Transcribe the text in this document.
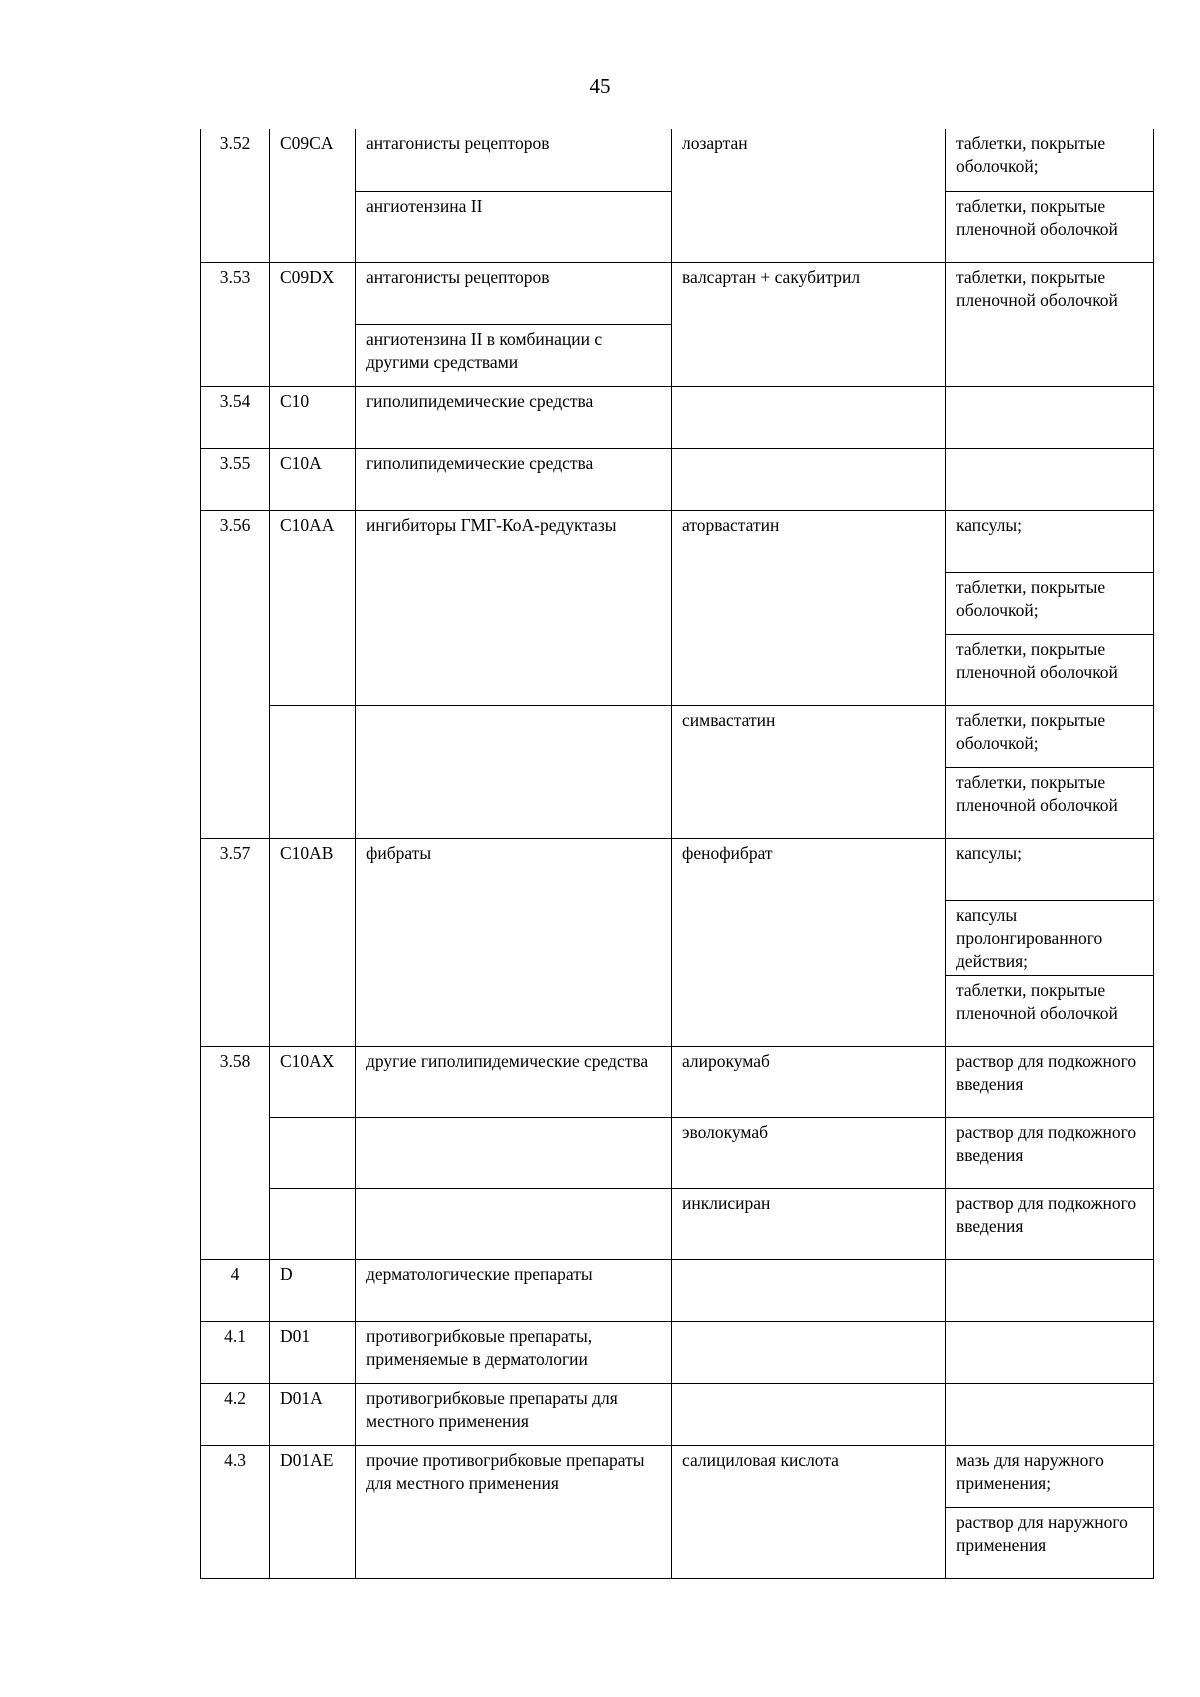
45
3.52	C09CA	антагонисты рецепторов	лозартан	таблетки, покрытые оболочкой;
		ангиотензина II		таблетки, покрытые пленочной оболочкой
3.53	C09DX	антагонисты рецепторов	валсартан + сакубитрил	таблетки, покрытые пленочной оболочкой
		ангиотензина II в комбинации с другими средствами		
3.54	C10	гиполипидемические средства		
3.55	C10A	гиполипидемические средства		
3.56	C10AA	ингибиторы ГМГ-КоА-редуктазы	аторвастатин	капсулы;
				таблетки, покрытые оболочкой;
				таблетки, покрытые пленочной оболочкой
			симвастатин	таблетки, покрытые оболочкой;
				таблетки, покрытые пленочной оболочкой
3.57	C10AB	фибраты	фенофибрат	капсулы;
				капсулы пролонгированного действия;
				таблетки, покрытые пленочной оболочкой
3.58	C10AX	другие гиполипидемические средства	алирокумаб	раствор для подкожного введения
			эволокумаб	раствор для подкожного введения
			инклисиран	раствор для подкожного введения
4	D	дерматологические препараты		
4.1	D01	противогрибковые препараты, применяемые в дерматологии		
4.2	D01A	противогрибковые препараты для местного применения		
4.3	D01AE	прочие противогрибковые препараты для местного применения	салициловая кислота	мазь для наружного применения;
				раствор для наружного применения
